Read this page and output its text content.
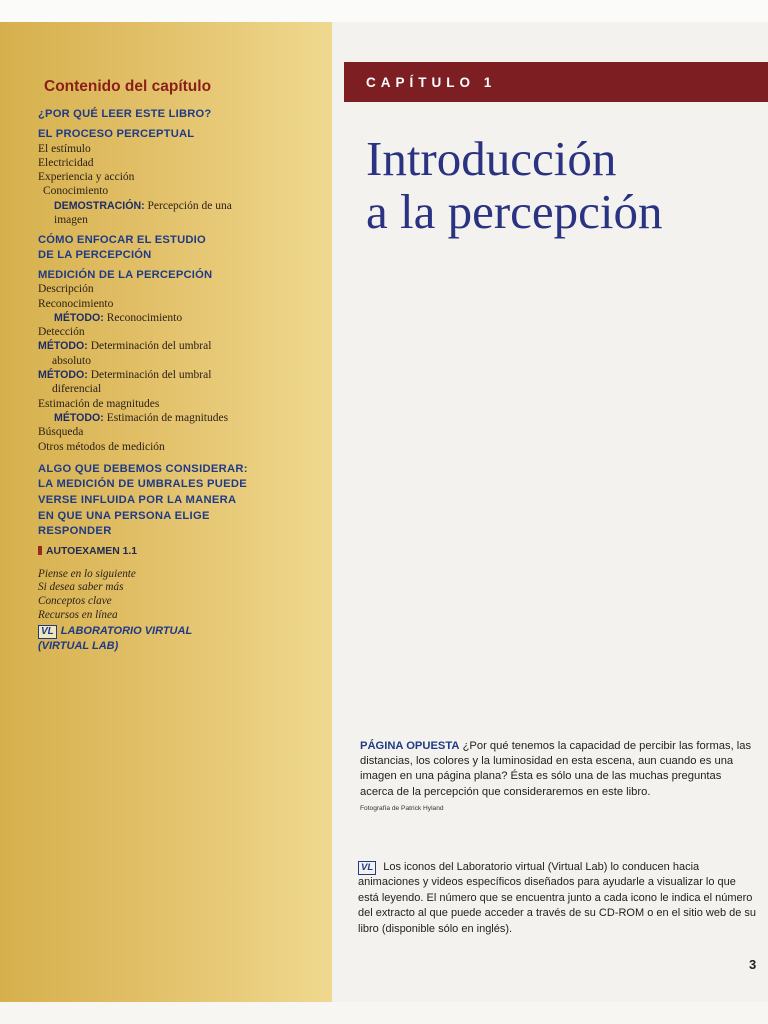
Contenido del capítulo
¿POR QUÉ LEER ESTE LIBRO?
EL PROCESO PERCEPTUAL
El estímulo
Electricidad
Experiencia y acción
Conocimiento
DEMOSTRACIÓN: Percepción de una
imagen
CÓMO ENFOCAR EL ESTUDIO
DE LA PERCEPCIÓN
MEDICIÓN DE LA PERCEPCIÓN
Descripción
Reconocimiento
MÉTODO: Reconocimiento
Detección
MÉTODO: Determinación del umbral
absoluto
MÉTODO: Determinación del umbral
diferencial
Estimación de magnitudes
MÉTODO: Estimación de magnitudes
Búsqueda
Otros métodos de medición
ALGO QUE DEBEMOS CONSIDERAR:
LA MEDICIÓN DE UMBRALES PUEDE
VERSE INFLUIDA POR LA MANERA
EN QUE UNA PERSONA ELIGE
RESPONDER
AUTOEXAMEN 1.1
Piense en lo siguiente
Si desea saber más
Conceptos clave
Recursos en línea
VL LABORATORIO VIRTUAL
(VIRTUAL LAB)
CAPÍTULO 1
Introducción
a la percepción
PÁGINA OPUESTA ¿Por qué tenemos la capacidad de percibir las formas, las distancias, los colores y la luminosidad en esta escena, aun cuando es una imagen en una página plana? Ésta es sólo una de las muchas preguntas acerca de la percepción que consideraremos en este libro.
Fotografía de Patrick Hyland
VL Los iconos del Laboratorio virtual (Virtual Lab) lo conducen hacia animaciones y videos específicos diseñados para ayudarle a visualizar lo que está leyendo. El número que se encuentra junto a cada icono le indica el número del extracto al que puede acceder a través de su CD-ROM o en el sitio web de su libro (disponible sólo en inglés).
3
